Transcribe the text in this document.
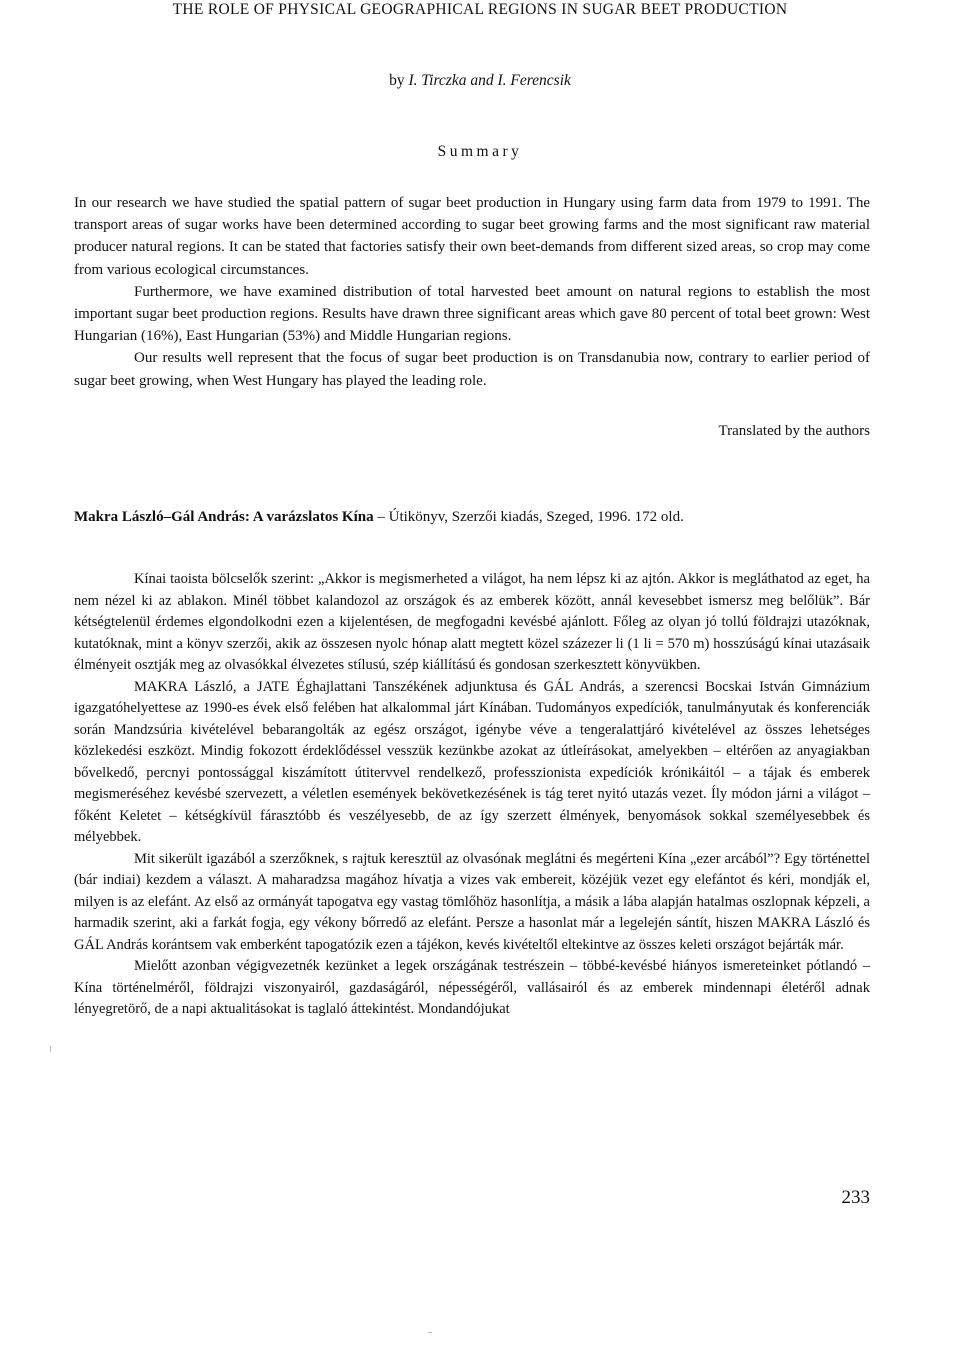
THE ROLE OF PHYSICAL GEOGRAPHICAL REGIONS IN SUGAR BEET PRODUCTION
by I. Tirczka and I. Ferencsik
Summary

In our research we have studied the spatial pattern of sugar beet production in Hungary using farm data from 1979 to 1991. The transport areas of sugar works have been determined according to sugar beet growing farms and the most significant raw material producer natural regions. It can be stated that factories satisfy their own beet-demands from different sized areas, so crop may come from various ecological circumstances.

Furthermore, we have examined distribution of total harvested beet amount on natural regions to establish the most important sugar beet production regions. Results have drawn three significant areas which gave 80 percent of total beet grown: West Hungarian (16%), East Hungarian (53%) and Middle Hungarian regions.

Our results well represent that the focus of sugar beet production is on Transdanubia now, contrary to earlier period of sugar beet growing, when West Hungary has played the leading role.

Translated by the authors
Makra László–Gál András: A varázslatos Kína – Útikönyv, Szerzői kiadás, Szeged, 1996. 172 old.

Kínai taoista bölcselők szerint: „Akkor is megismerheted a világot, ha nem lépsz ki az ajtón. Akkor is megláthatod az eget, ha nem nézel ki az ablakon. Minél többet kalandozol az országok és az emberek között, annál kevesebbet ismersz meg belőlük”. Bár kétségtelenül érdemes elgondolkodni ezen a kijelentésen, de megfogadni kevésbé ajánlott. Főleg az olyan jó tollú földrajzi utazóknak, kutatóknak, mint a könyv szerzői, akik az összesen nyolc hónap alatt megtett közel százezer li (1 li = 570 m) hosszúságú kínai utazásaik élményeit osztják meg az olvasókkal élvezetes stílusú, szép kiállítású és gondosan szerkesztett könyvükben.

MAKRA László, a JATE Éghajlattani Tanszékének adjunktusa és GÁL András, a szerencsi Bocskai István Gimnázium igazgatóhelyettese az 1990-es évek első felében hat alkalommal járt Kínában. Tudományos expedíciók, tanulmányutak és konferenciák során Mandzsúria kivételével bebarangolták az egész országot, igénybe véve a tengeralattjáró kivételével az összes lehetséges közlekedési eszközt. Mindig fokozott érdeklődéssel vesszük kezünkbe azokat az útleírásokat, amelyekben – eltérően az anyagiakban bővelkedő, percnyi pontossággal kiszámított útitervvel rendelkező, professzionista expedíciók krónikáitól – a tájak és emberek megismeréséhez kevésbé szervezett, a véletlen események bekövetkezésének is tág teret nyitó utazás vezet. Íly módon járni a világot – főként Keletet – kétségkívül fárasztóbb és veszélyesebb, de az így szerzett élmények, benyomások sokkal személyesebbek és mélyebbek.

Mit sikerült igazából a szerzőknek, s rajtuk keresztül az olvasónak meglátni és megérteni Kína „ezer arcából”? Egy történettel (bár indiai) kezdem a választ. A maharadzsa magához hívatja a vizes vak embereit, közéjük vezet egy elefántot és kéri, mondják el, milyen is az elefánt. Az első az ormányát tapogatva egy vastag tömlőhöz hasonlítja, a másik a lába alapján hatalmas oszlopnak képzeli, a harmadik szerint, aki a farkát fogja, egy vékony bőrredő az elefánt. Persze a hasonlat már a legelején sántít, hiszen MAKRA László és GÁL András korántsem vak emberként tapogatózik ezen a tájékon, kevés kivételtől eltekintve az összes keleti országot bejárták már.

Mielőtt azonban végigvezetnék kezünket a legek országának testrészein – többé-kevésbé hiányos ismereteinket pótlandó – Kína történelméről, földrajzi viszonyairól, gazdaságáról, népességéről, vallásairól és az emberek mindennapi életéről adnak lényegretörő, de a napi aktualitásokat is taglaló áttekintést. Mondandójukat

233
